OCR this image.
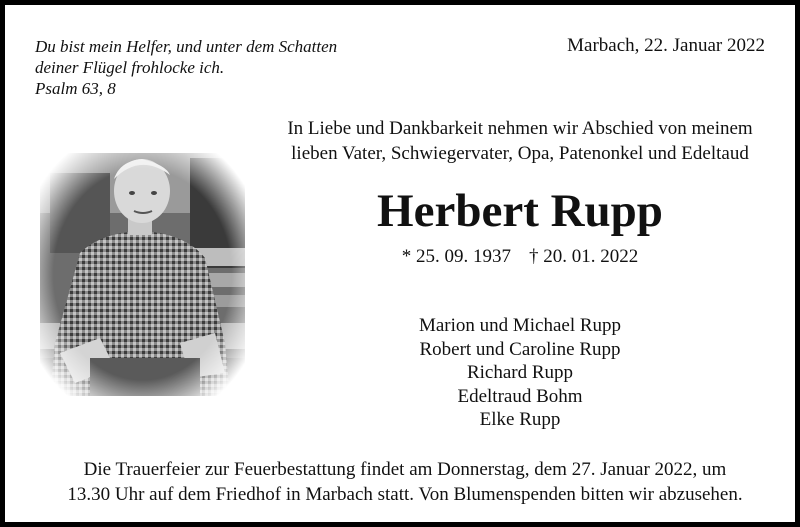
Du bist mein Helfer, und unter dem Schatten
deiner Flügel frohlocke ich.
Psalm 63, 8
Marbach, 22. Januar 2022
In Liebe und Dankbarkeit nehmen wir Abschied von meinem
lieben Vater, Schwiegervater, Opa, Patenonkel und Edeltaud
Herbert Rupp
* 25. 09. 1937 † 20. 01. 2022
Marion und Michael Rupp
Robert und Caroline Rupp
Richard Rupp
Edeltraud Bohm
Elke Rupp
Die Trauerfeier zur Feuerbestattung findet am Donnerstag, dem 27. Januar 2022, um
13.30 Uhr auf dem Friedhof in Marbach statt. Von Blumenspenden bitten wir abzusehen.
